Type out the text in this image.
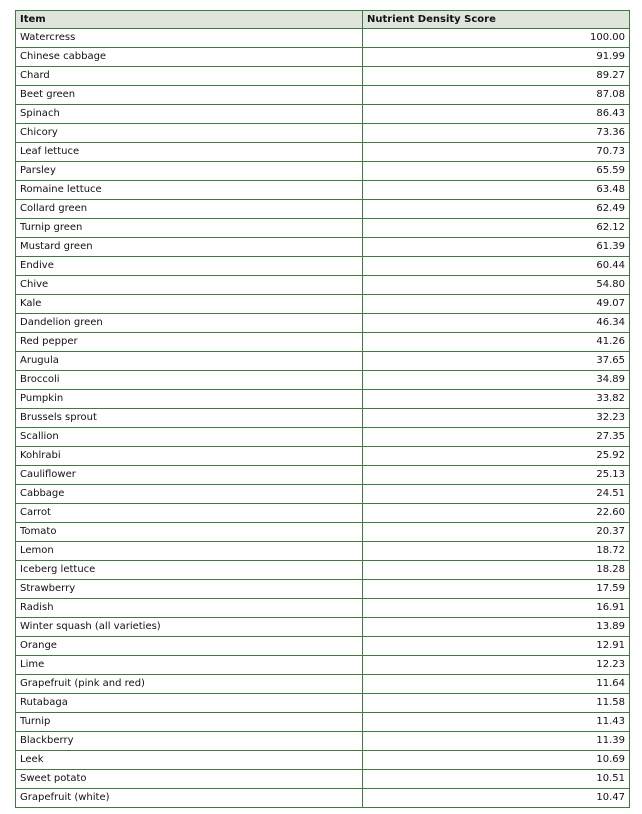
Item	Nutrient Density Score
Watercress	100.00
Chinese cabbage	91.99
Chard	89.27
Beet green	87.08
Spinach	86.43
Chicory	73.36
Leaf lettuce	70.73
Parsley	65.59
Romaine lettuce	63.48
Collard green	62.49
Turnip green	62.12
Mustard green	61.39
Endive	60.44
Chive	54.80
Kale	49.07
Dandelion green	46.34
Red pepper	41.26
Arugula	37.65
Broccoli	34.89
Pumpkin	33.82
Brussels sprout	32.23
Scallion	27.35
Kohlrabi	25.92
Cauliflower	25.13
Cabbage	24.51
Carrot	22.60
Tomato	20.37
Lemon	18.72
Iceberg lettuce	18.28
Strawberry	17.59
Radish	16.91
Winter squash (all varieties)	13.89
Orange	12.91
Lime	12.23
Grapefruit (pink and red)	11.64
Rutabaga	11.58
Turnip	11.43
Blackberry	11.39
Leek	10.69
Sweet potato	10.51
Grapefruit (white)	10.47
